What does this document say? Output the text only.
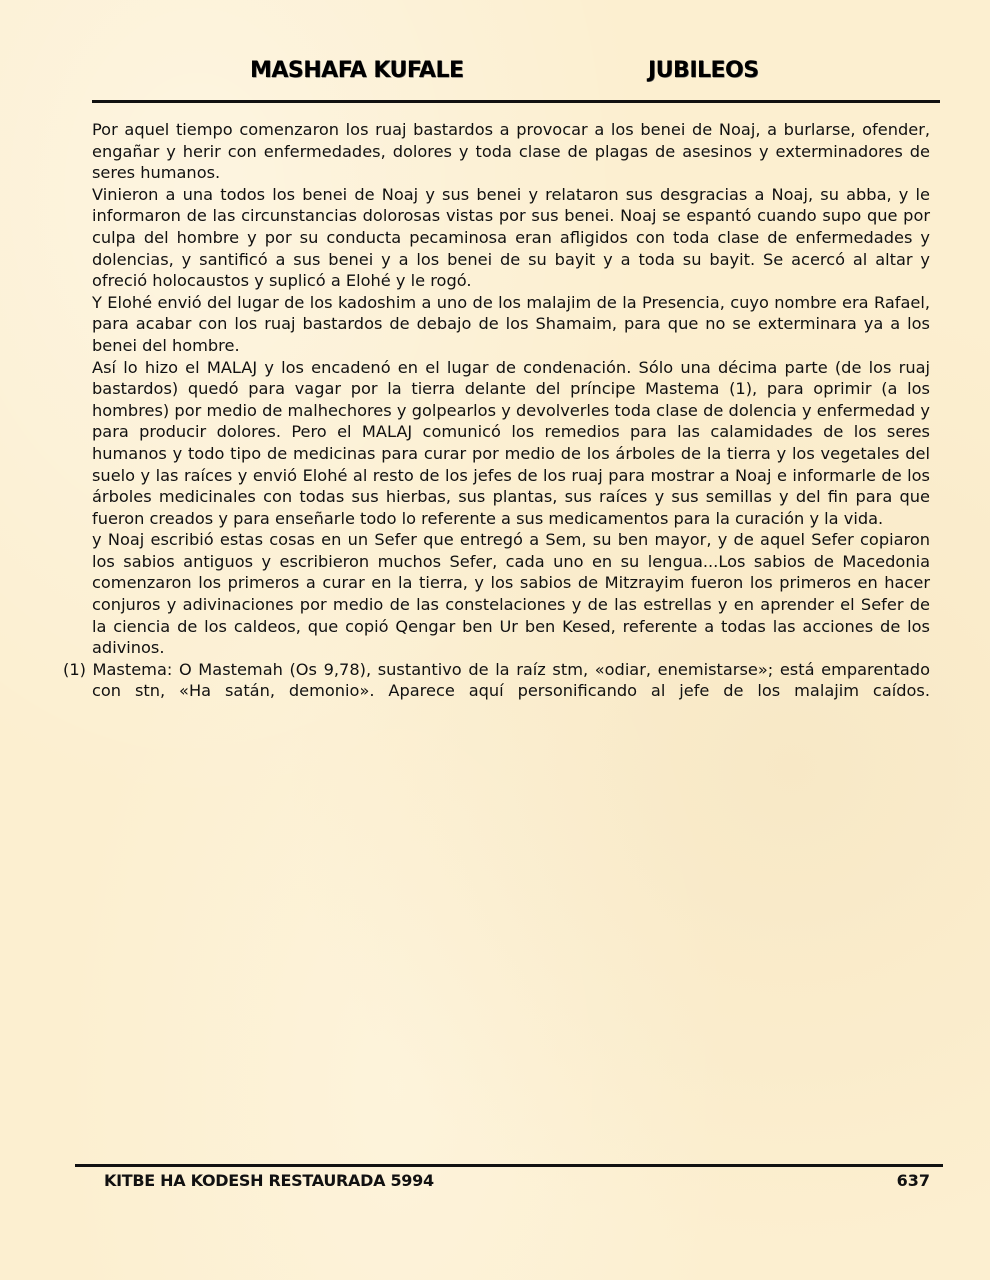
MASHAFA KUFALE	JUBILEOS

Por aquel tiempo comenzaron los ruaj bastardos a provocar a los benei de Noaj, a burlarse, ofender, engañar y herir con enfermedades, dolores y toda clase de plagas de asesinos y exterminadores de seres humanos.

Vinieron a una todos los benei de Noaj y sus benei y relataron sus desgracias a Noaj, su abba, y le informaron de las circunstancias dolorosas vistas por sus benei. Noaj se espantó cuando supo que por culpa del hombre y por su conducta pecaminosa eran afligidos con toda clase de enfermedades y dolencias, y santificó a sus benei y a los benei de su bayit y a toda su bayit. Se acercó al altar y ofreció holocaustos y suplicó a Elohé y le rogó.

Y Elohé envió del lugar de los kadoshim a uno de los malajim de la Presencia, cuyo nombre era Rafael, para acabar con los ruaj bastardos de debajo de los Shamaim, para que no se exterminara ya a los benei del hombre.

Así lo hizo el MALAJ y los encadenó en el lugar de condenación. Sólo una décima parte (de los ruaj bastardos) quedó para vagar por la tierra delante del príncipe Mastema (1), para oprimir (a los hombres) por medio de malhechores y golpearlos y devolverles toda clase de dolencia y enfermedad y para producir dolores. Pero el MALAJ comunicó los remedios para las calamidades de los seres humanos y todo tipo de medicinas para curar por medio de los árboles de la tierra y los vegetales del suelo y las raíces y envió Elohé al resto de los jefes de los ruaj para mostrar a Noaj e informarle de los árboles medicinales con todas sus hierbas, sus plantas, sus raíces y sus semillas y del fin para que fueron creados y para enseñarle todo lo referente a sus medicamentos para la curación y la vida.

y Noaj escribió estas cosas en un Sefer que entregó a Sem, su ben mayor, y de aquel Sefer copiaron los sabios antiguos y escribieron muchos Sefer, cada uno en su lengua...Los sabios de Macedonia comenzaron los primeros a curar en la tierra, y los sabios de Mitzrayim fueron los primeros en hacer conjuros y adivinaciones por medio de las constelaciones y de las estrellas y en aprender el Sefer de la ciencia de los caldeos, que copió Qengar ben Ur ben Kesed, referente a todas las acciones de los adivinos.

(1) Mastema: O Mastemah (Os 9,78), sustantivo de la raíz stm, «odiar, enemistarse»; está emparentado con stn, «Ha satán, demonio». Aparece aquí personificando al jefe de los malajim caídos.

KITBE HA KODESH RESTAURADA 5994	637
